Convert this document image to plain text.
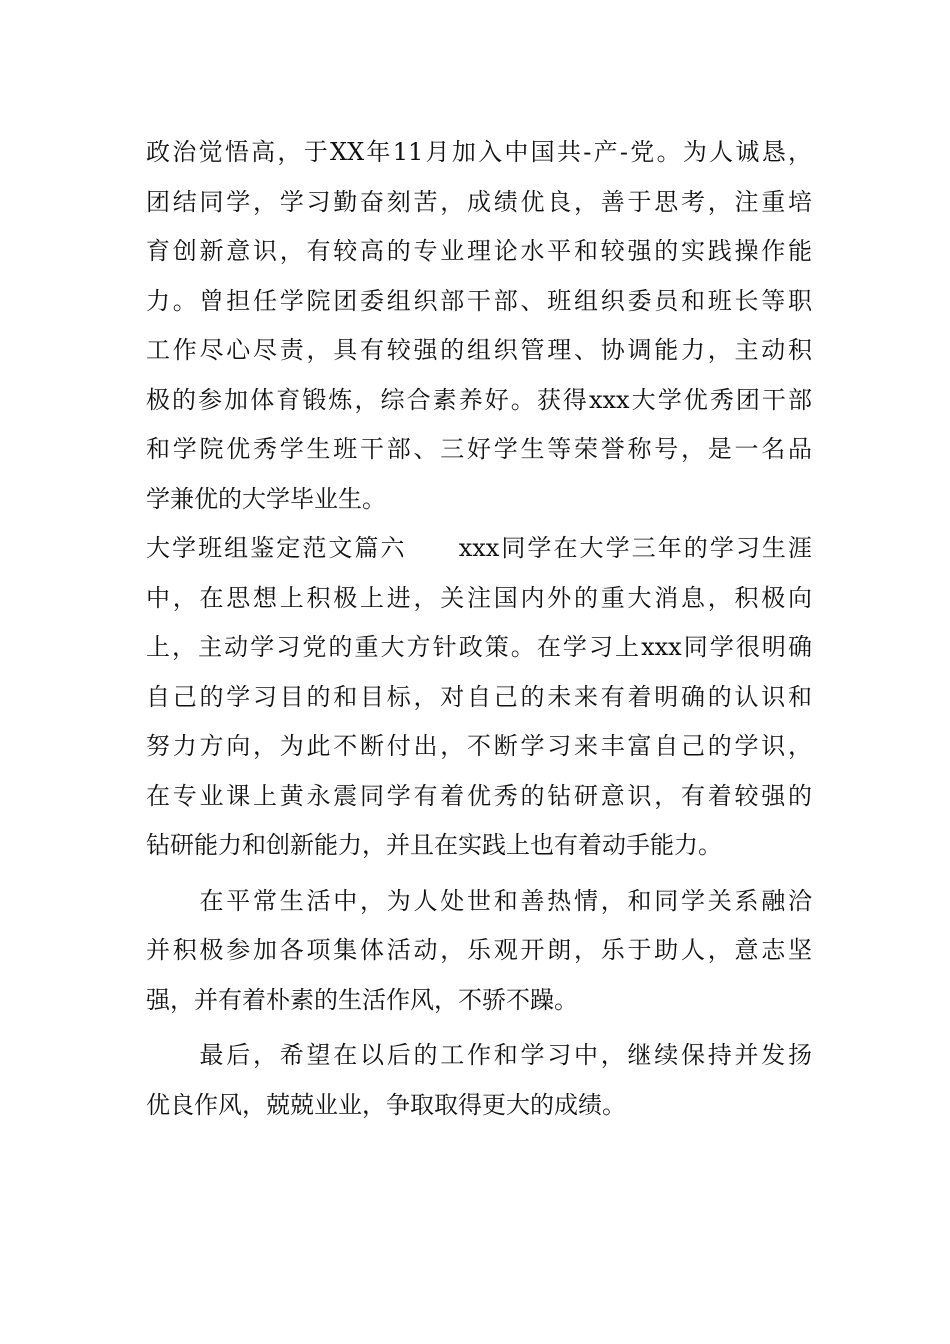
政治觉悟高，于XX年11月加入中国共-产-党。为人诚恳，
团结同学，学习勤奋刻苦，成绩优良，善于思考，注重培
育创新意识，有较高的专业理论水平和较强的实践操作能
力。曾担任学院团委组织部干部、班组织委员和班长等职
工作尽心尽责，具有较强的组织管理、协调能力，主动积
极的参加体育锻炼，综合素养好。获得xxx大学优秀团干部
和学院优秀学生班干部、三好学生等荣誉称号，是一名品
学兼优的大学毕业生。
大学班组鉴定范文篇六　　xxx同学在大学三年的学习生涯
中，在思想上积极上进，关注国内外的重大消息，积极向
上，主动学习党的重大方针政策。在学习上xxx同学很明确
自己的学习目的和目标，对自己的未来有着明确的认识和
努力方向，为此不断付出，不断学习来丰富自己的学识，
在专业课上黄永震同学有着优秀的钻研意识，有着较强的
钻研能力和创新能力，并且在实践上也有着动手能力。
　　在平常生活中，为人处世和善热情，和同学关系融洽
并积极参加各项集体活动，乐观开朗，乐于助人，意志坚
强，并有着朴素的生活作风，不骄不躁。
　　最后，希望在以后的工作和学习中，继续保持并发扬
优良作风，兢兢业业，争取取得更大的成绩。
